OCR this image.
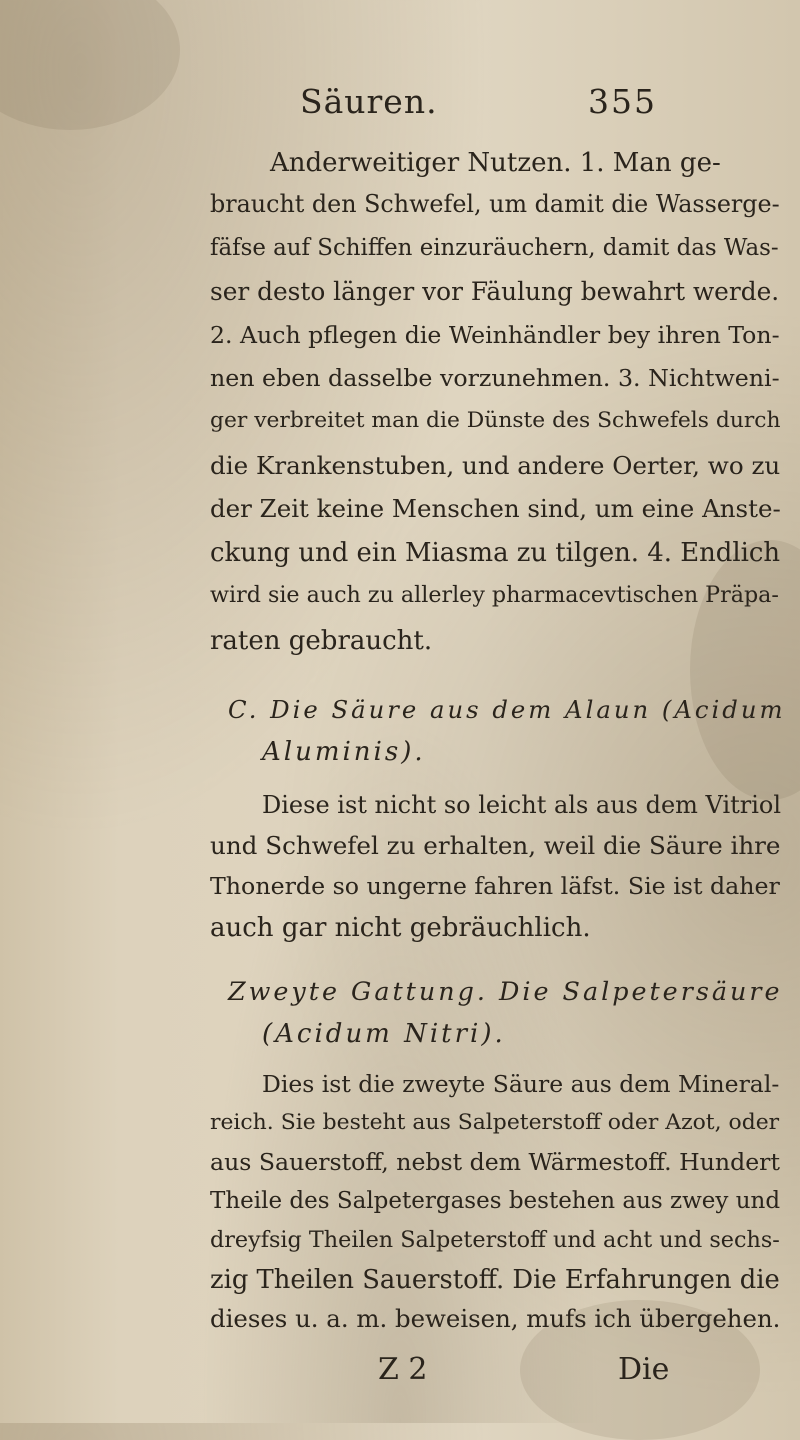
Säuren.	355
Anderweitiger Nutzen. 1. Man ge-
braucht den Schwefel, um damit die Wasserge-
fäfse auf Schiffen einzuräuchern, damit das Was-
ser desto länger vor Fäulung bewahrt werde.
2. Auch pflegen die Weinhändler bey ihren Ton-
nen eben dasselbe vorzunehmen. 3. Nichtweni-
ger verbreitet man die Dünste des Schwefels durch
die Krankenstuben, und andere Oerter, wo zu
der Zeit keine Menschen sind, um eine Anste-
ckung und ein Miasma zu tilgen. 4. Endlich
wird sie auch zu allerley pharmacevtischen Präpa-
raten gebraucht.
C. Die Säure aus dem Alaun (Acidum
Aluminis).
Diese ist nicht so leicht als aus dem Vitriol
und Schwefel zu erhalten, weil die Säure ihre
Thonerde so ungerne fahren läfst. Sie ist daher
auch gar nicht gebräuchlich.
Zweyte Gattung. Die Salpetersäure
(Acidum Nitri).
Dies ist die zweyte Säure aus dem Mineral-
reich. Sie besteht aus Salpeterstoff oder Azot, oder
aus Sauerstoff, nebst dem Wärmestoff. Hundert
Theile des Salpetergases bestehen aus zwey und
dreyfsig Theilen Salpeterstoff und acht und sechs-
zig Theilen Sauerstoff. Die Erfahrungen die
dieses u. a. m. beweisen, mufs ich übergehen.
Z 2	Die
